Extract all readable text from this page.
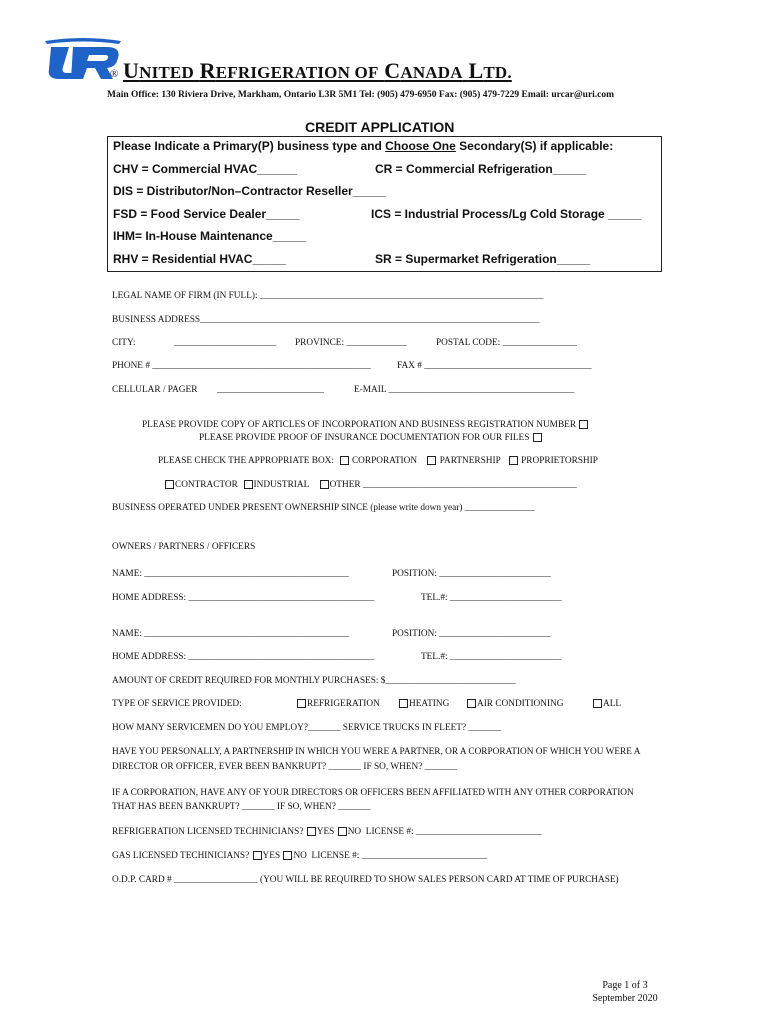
® UNITED REFRIGERATION OF CANADA LTD.
Main Office: 130 Riviera Drive, Markham, Ontario L3R 5M1 Tel: (905) 479-6950 Fax: (905) 479-7229 Email: urcar@uri.com
CREDIT APPLICATION
Please Indicate a Primary(P) business type and Choose One Secondary(S) if applicable:
CHV = Commercial HVAC______	CR = Commercial Refrigeration_____
DIS = Distributor/Non–Contractor Reseller_____
FSD = Food Service Dealer_____	ICS = Industrial Process/Lg Cold Storage _____
IHM= In-House Maintenance_____
RHV = Residential HVAC_____	SR = Supermarket Refrigeration_____
LEGAL NAME OF FIRM (IN FULL): _____________________________________________________________
BUSINESS ADDRESS_________________________________________________________________________
CITY:	______________________ PROVINCE: _____________	POSTAL CODE: ________________
PHONE # _______________________________________________	FAX # ____________________________________
CELLULAR / PAGER _______________________	E-MAIL ________________________________________
PLEASE PROVIDE COPY OF ARTICLES OF INCORPORATION AND BUSINESS REGISTRATION NUMBER
PLEASE PROVIDE PROOF OF INSURANCE DOCUMENTATION FOR OUR FILES
PLEASE CHECK THE APPROPRIATE BOX: CORPORATION PARTNERSHIP PROPRIETORSHIP
CONTRACTOR INDUSTRIAL OTHER ______________________________________________
BUSINESS OPERATED UNDER PRESENT OWNERSHIP SINCE (please write down year) _______________
OWNERS / PARTNERS / OFFICERS
NAME: ____________________________________________	POSITION: ________________________
HOME ADDRESS: ________________________________________	TEL.#: ________________________
NAME: ____________________________________________	POSITION: ________________________
HOME ADDRESS: ________________________________________	TEL.#: ________________________
AMOUNT OF CREDIT REQUIRED FOR MONTHLY PURCHASES: $____________________________
TYPE OF SERVICE PROVIDED:	REFRIGERATION	HEATING	AIR CONDITIONING	ALL
HOW MANY SERVICEMEN DO YOU EMPLOY?_______ SERVICE TRUCKS IN FLEET? _______
HAVE YOU PERSONALLY, A PARTNERSHIP IN WHICH YOU WERE A PARTNER, OR A CORPORATION OF WHICH YOU WERE A
DIRECTOR OR OFFICER, EVER BEEN BANKRUPT? _______ IF SO, WHEN? _______
IF A CORPORATION, HAVE ANY OF YOUR DIRECTORS OR OFFICERS BEEN AFFILIATED WITH ANY OTHER CORPORATION
THAT HAS BEEN BANKRUPT? _______ IF SO, WHEN? _______
REFRIGERATION LICENSED TECHINICIANS? YES NO LICENSE #: ___________________________
GAS LICENSED TECHINICIANS? YES NO LICENSE #: ___________________________
O.D.P. CARD # __________________ (YOU WILL BE REQUIRED TO SHOW SALES PERSON CARD AT TIME OF PURCHASE)
Page 1 of 3
September 2020
